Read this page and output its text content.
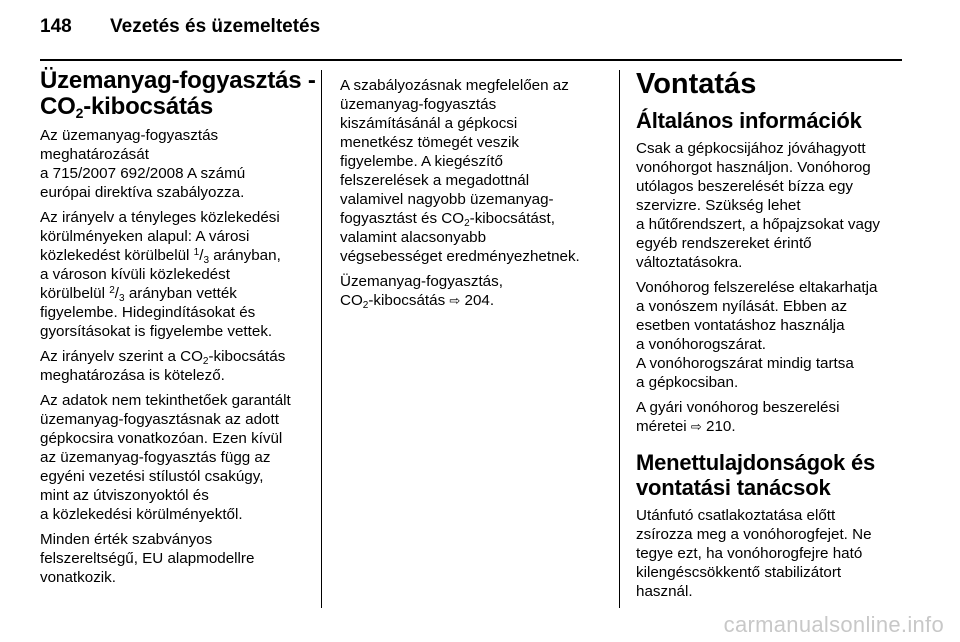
148	Vezetés és üzemeltetés
Üzemanyag-fogyasztás -
$CO_2$-kibocsátás

Az üzemanyag-fogyasztás
meghatározását
a 715/2007 692/2008 A számú
európai direktíva szabályozza.

Az irányelv a tényleges közlekedési
körülményeken alapul: A városi
közlekedést körülbelül $^1/_3$ arányban,
a városon kívüli közlekedést
körülbelül $^2/_3$ arányban vették
figyelembe. Hidegindításokat és
gyorsításokat is figyelembe vettek.

Az irányelv szerint a $CO_2$-kibocsátás
meghatározása is kötelező.

Az adatok nem tekinthetőek garantált
üzemanyag-fogyasztásnak az adott
gépkocsira vonatkozóan. Ezen kívül
az üzemanyag-fogyasztás függ az
egyéni vezetési stílustól csakúgy,
mint az útviszonyoktól és
a közlekedési körülményektől.

Minden érték szabványos
felszereltségű, EU alapmodellre
vonatkozik.

A szabályozásnak megfelelően az
üzemanyag-fogyasztás
kiszámításánál a gépkocsi
menetkész tömegét veszik
figyelembe. A kiegészítő
felszerelések a megadottnál
valamivel nagyobb üzemanyag-
fogyasztást és $CO_2$-kibocsátást,
valamint alacsonyabb
végsebességet eredményezhetnek.

Üzemanyag-fogyasztás,
$CO_2$-kibocsátás ⇨ 204.

Vontatás
Általános információk

Csak a gépkocsijához jóváhagyott
vonóhorgot használjon. Vonóhorog
utólagos beszerelését bízza egy
szervizre. Szükség lehet
a hűtőrendszert, a hőpajzsokat vagy
egyéb rendszereket érintő
változtatásokra.

Vonóhorog felszerelése eltakarhatja
a vonószem nyílását. Ebben az
esetben vontatáshoz használja
a vonóhorogszárat.
A vonóhorogszárat mindig tartsa
a gépkocsiban.

A gyári vonóhorog beszerelési
méretei ⇨ 210.

Menettulajdonságok és
vontatási tanácsok

Utánfutó csatlakoztatása előtt
zsírozza meg a vonóhorogfejet. Ne
tegye ezt, ha vonóhorogfejre ható
kilengéscsökkentő stabilizátort
használ.

carmanualsonline.info
